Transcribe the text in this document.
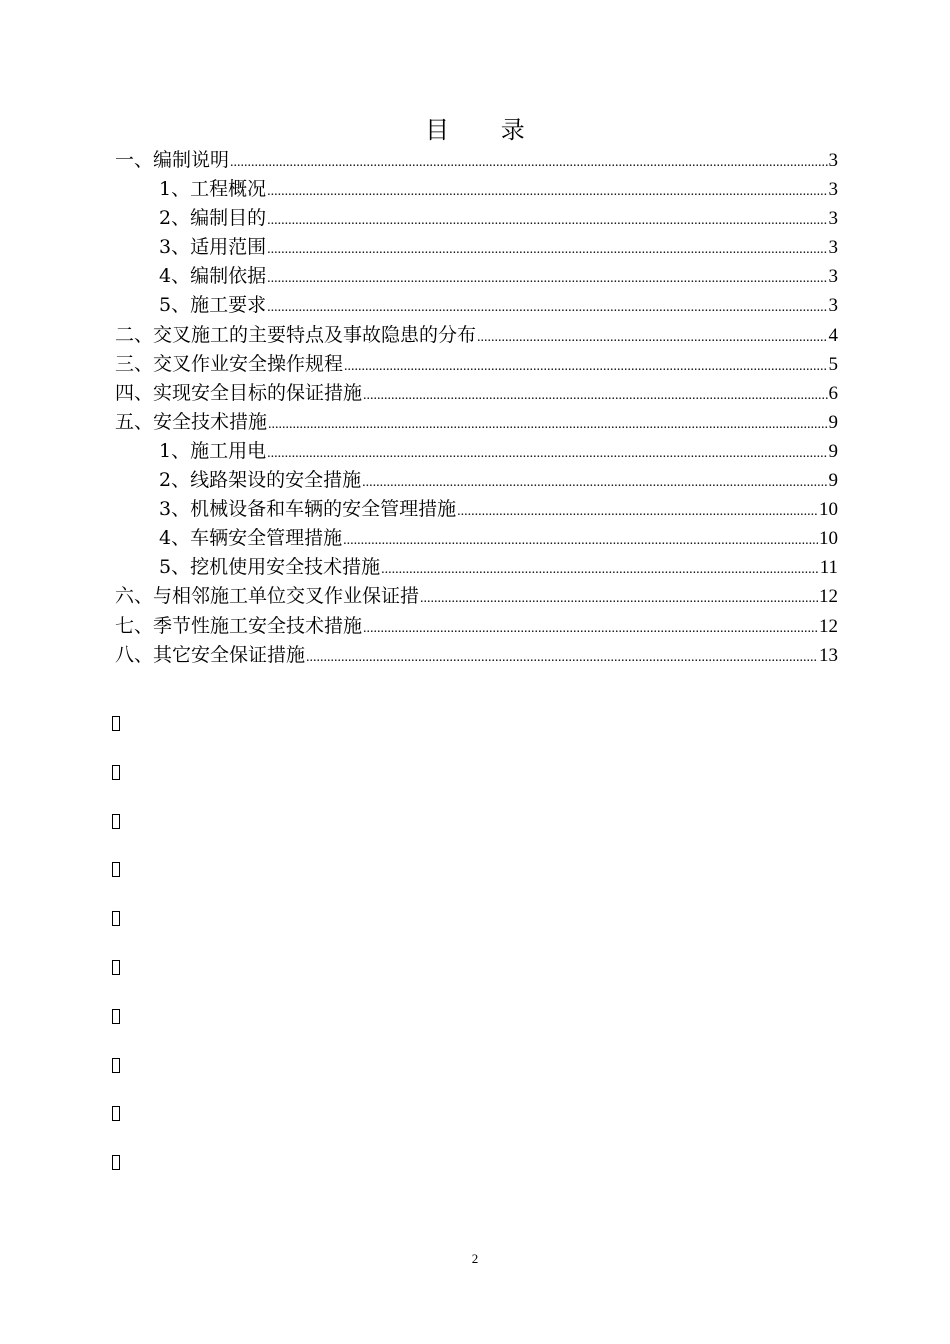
目 录
一、编制说明 .....	3
1、工程概况 .....	3
2、编制目的 .....	3
3、适用范围 .....	3
4、编制依据 .....	3
5、施工要求 .....	3
二、交叉施工的主要特点及事故隐患的分布 .....	4
三、交叉作业安全操作规程 .....	5
四、实现安全目标的保证措施 .....	6
五、安全技术措施 .....	9
1、施工用电 .....	9
2、线路架设的安全措施 .....	9
3、机械设备和车辆的安全管理措施 .....	10
4、车辆安全管理措施 .....	10
5、挖机使用安全技术措施 .....	11
六、与相邻施工单位交叉作业保证措 .....	12
七、季节性施工安全技术措施 .....	12
八、其它安全保证措施 .....	13
2
